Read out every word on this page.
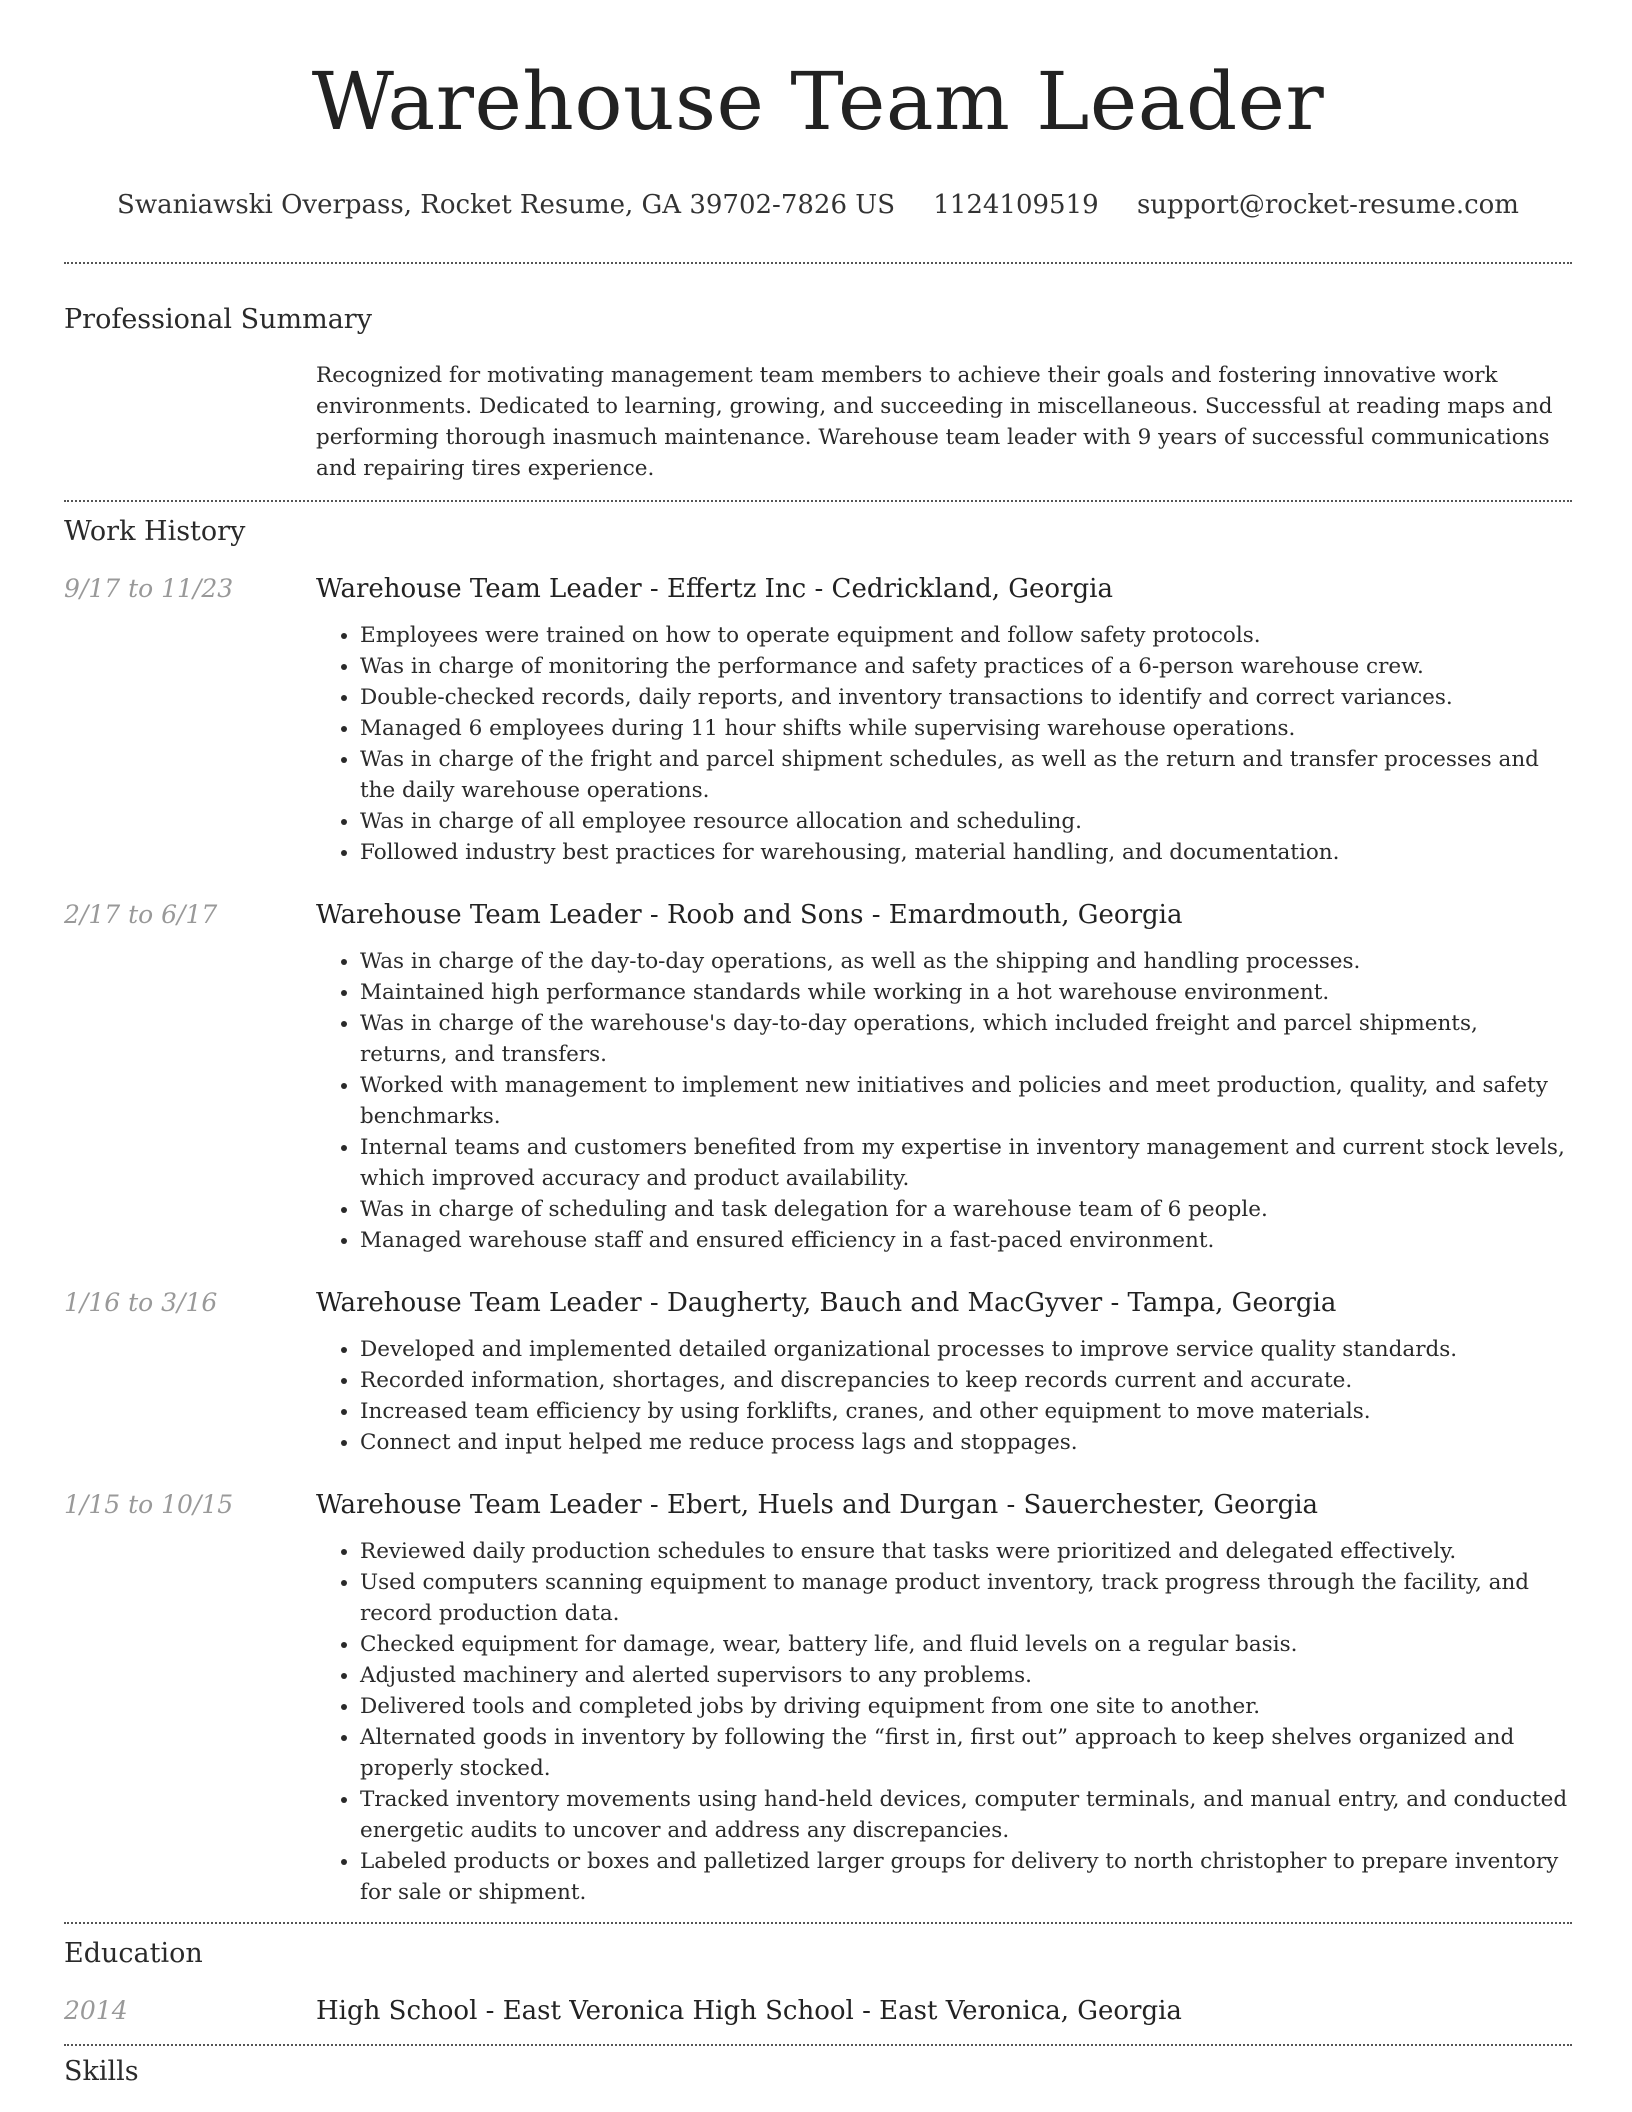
Warehouse Team Leader
Swaniawski Overpass, Rocket Resume, GA 39702-7826 US 1124109519 support@rocket-resume.com
Professional Summary

Recognized for motivating management team members to achieve their goals and fostering innovative work environments. Dedicated to learning, growing, and succeeding in miscellaneous. Successful at reading maps and performing thorough inasmuch maintenance. Warehouse team leader with 9 years of successful communications and repairing tires experience.

Work History
9/17 to 11/23	Warehouse Team Leader - Effertz Inc - Cedrickland, Georgia

• Employees were trained on how to operate equipment and follow safety protocols.
• Was in charge of monitoring the performance and safety practices of a 6-person warehouse crew.
• Double-checked records, daily reports, and inventory transactions to identify and correct variances.
• Managed 6 employees during 11 hour shifts while supervising warehouse operations.
• Was in charge of the fright and parcel shipment schedules, as well as the return and transfer processes and the daily warehouse operations.
• Was in charge of all employee resource allocation and scheduling.
• Followed industry best practices for warehousing, material handling, and documentation.
2/17 to 6/17	Warehouse Team Leader - Roob and Sons - Emardmouth, Georgia

• Was in charge of the day-to-day operations, as well as the shipping and handling processes.
• Maintained high performance standards while working in a hot warehouse environment.
• Was in charge of the warehouse's day-to-day operations, which included freight and parcel shipments, returns, and transfers.
• Worked with management to implement new initiatives and policies and meet production, quality, and safety benchmarks.
• Internal teams and customers benefited from my expertise in inventory management and current stock levels, which improved accuracy and product availability.
• Was in charge of scheduling and task delegation for a warehouse team of 6 people.
• Managed warehouse staff and ensured efficiency in a fast-paced environment.
1/16 to 3/16	Warehouse Team Leader - Daugherty, Bauch and MacGyver - Tampa, Georgia

• Developed and implemented detailed organizational processes to improve service quality standards.
• Recorded information, shortages, and discrepancies to keep records current and accurate.
• Increased team efficiency by using forklifts, cranes, and other equipment to move materials.
• Connect and input helped me reduce process lags and stoppages.
1/15 to 10/15	Warehouse Team Leader - Ebert, Huels and Durgan - Sauerchester, Georgia

• Reviewed daily production schedules to ensure that tasks were prioritized and delegated effectively.
• Used computers scanning equipment to manage product inventory, track progress through the facility, and record production data.
• Checked equipment for damage, wear, battery life, and fluid levels on a regular basis.
• Adjusted machinery and alerted supervisors to any problems.
• Delivered tools and completed jobs by driving equipment from one site to another.
• Alternated goods in inventory by following the “first in, first out” approach to keep shelves organized and properly stocked.
• Tracked inventory movements using hand-held devices, computer terminals, and manual entry, and conducted energetic audits to uncover and address any discrepancies.
• Labeled products or boxes and palletized larger groups for delivery to north christopher to prepare inventory for sale or shipment.
Education
2014	High School - East Veronica High School - East Veronica, Georgia

Skills
